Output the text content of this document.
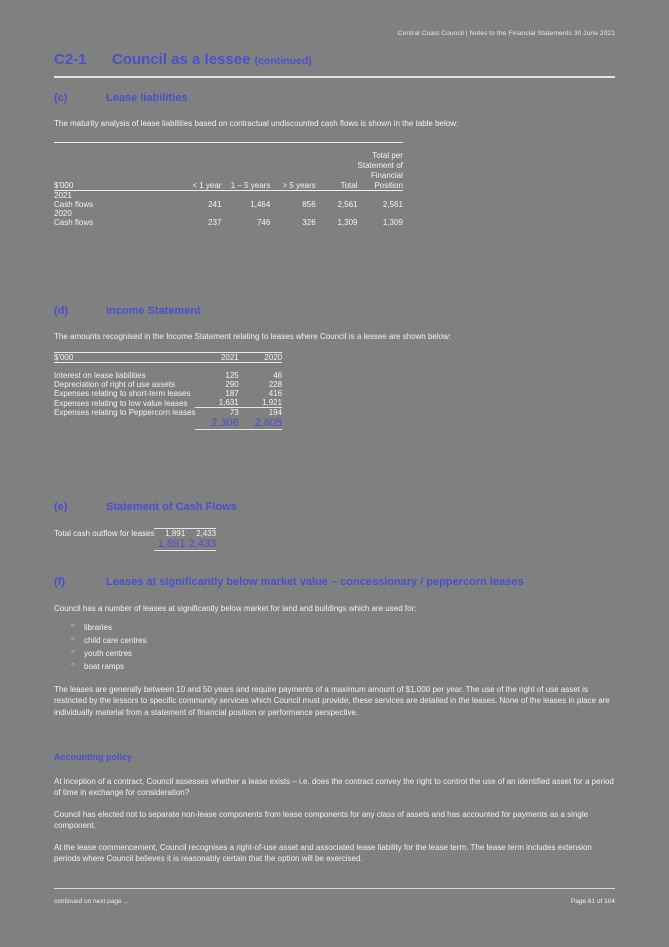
Central Coast Council | Notes to the Financial Statements 30 June 2021
C2-1 Council as a lessee (continued)
(c)	Lease liabilities
The maturity analysis of lease liabilities based on contractual undiscounted cash flows is shown in the table below:
					Total per
					Statement of
					Financial
$'000	< 1 year	1 – 5 years	> 5 years	Total	Position
2021					
Cash flows	241	1,464	856	2,561	2,561
2020					
Cash flows	237	746	326	1,309	1,309
(d)	Income Statement
The amounts recognised in the Income Statement relating to leases where Council is a lessee are shown below:
$'000	2021	2020
Interest on lease liabilities	125	46
Depreciation of right of use assets	290	228
Expenses relating to short-term leases	187	416
Expenses relating to low value leases	1,631	1,921
Expenses relating to Peppercorn leases	73	194
	2,306	2,805
(e)	Statement of Cash Flows
Total cash outflow for leases	1,891	2,433
	1,891	2,433
(f)	Leases at significantly below market value – concessionary / peppercorn leases
Council has a number of leases at significantly below market for land and buildings which are used for:
○ libraries
○ child care centres
○ youth centres
○ boat ramps
The leases are generally between 10 and 50 years and require payments of a maximum amount of $1,000 per year. The use of the right of use asset is restricted by the lessors to specific community services which Council must provide, these services are detailed in the leases. None of the leases in place are individually material from a statement of financial position or performance perspective.
Accounting policy
At inception of a contract, Council assesses whether a lease exists – i.e. does the contract convey the right to control the use of an identified asset for a period of time in exchange for consideration?
Council has elected not to separate non-lease components from lease components for any class of assets and has accounted for payments as a single component.
At the lease commencement, Council recognises a right-of-use asset and associated lease liability for the lease term. The lease term includes extension periods where Council believes it is reasonably certain that the option will be exercised.
continued on next page ...	Page 61 of 104
